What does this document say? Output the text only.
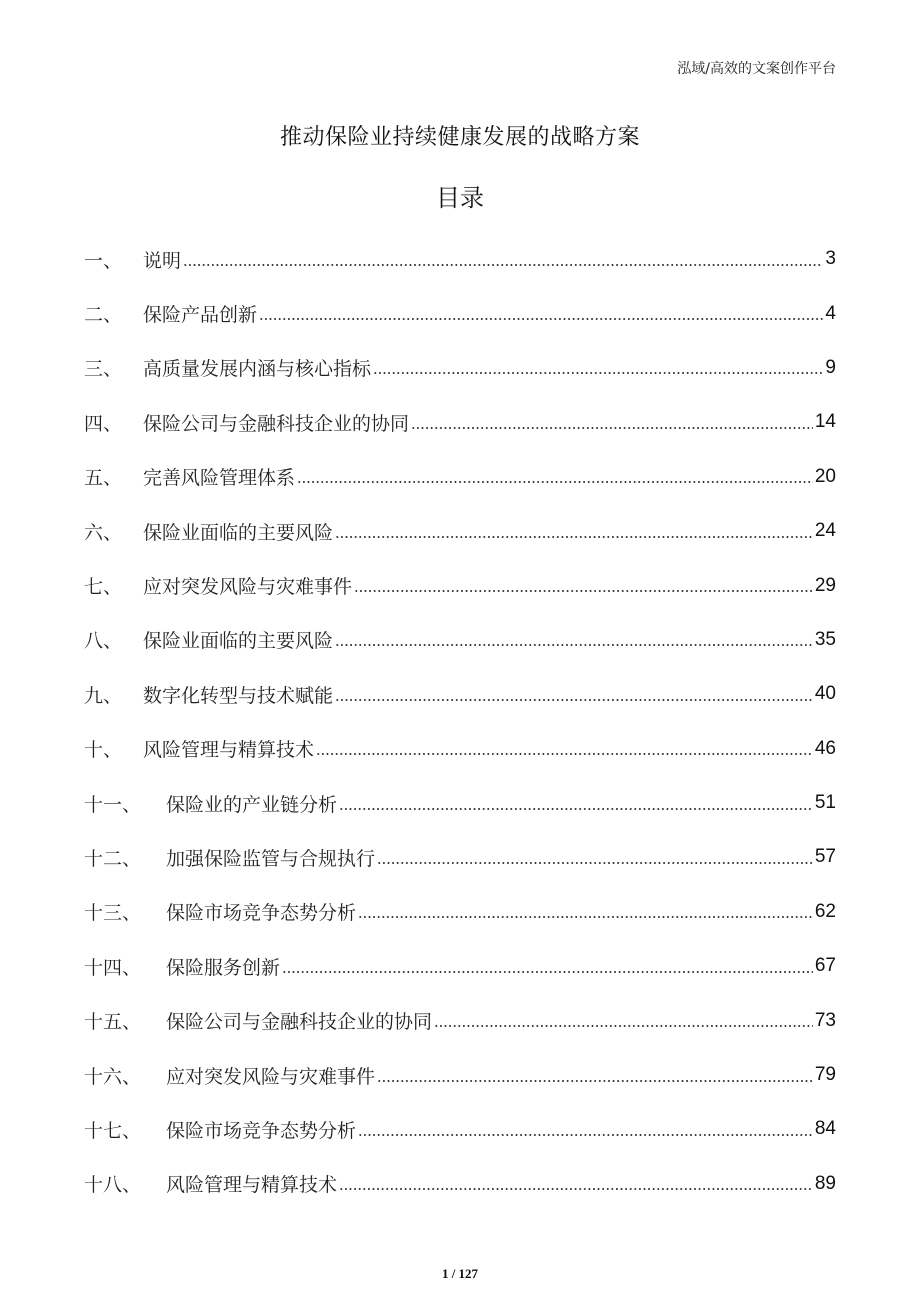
泓域/高效的文案创作平台
推动保险业持续健康发展的战略方案
目录
一、	说明	3
二、	保险产品创新	4
三、	高质量发展内涵与核心指标	9
四、	保险公司与金融科技企业的协同	14
五、	完善风险管理体系	20
六、	保险业面临的主要风险	24
七、	应对突发风险与灾难事件	29
八、	保险业面临的主要风险	35
九、	数字化转型与技术赋能	40
十、	风险管理与精算技术	46
十一、	保险业的产业链分析	51
十二、	加强保险监管与合规执行	57
十三、	保险市场竞争态势分析	62
十四、	保险服务创新	67
十五、	保险公司与金融科技企业的协同	73
十六、	应对突发风险与灾难事件	79
十七、	保险市场竞争态势分析	84
十八、	风险管理与精算技术	89
1 / 127
